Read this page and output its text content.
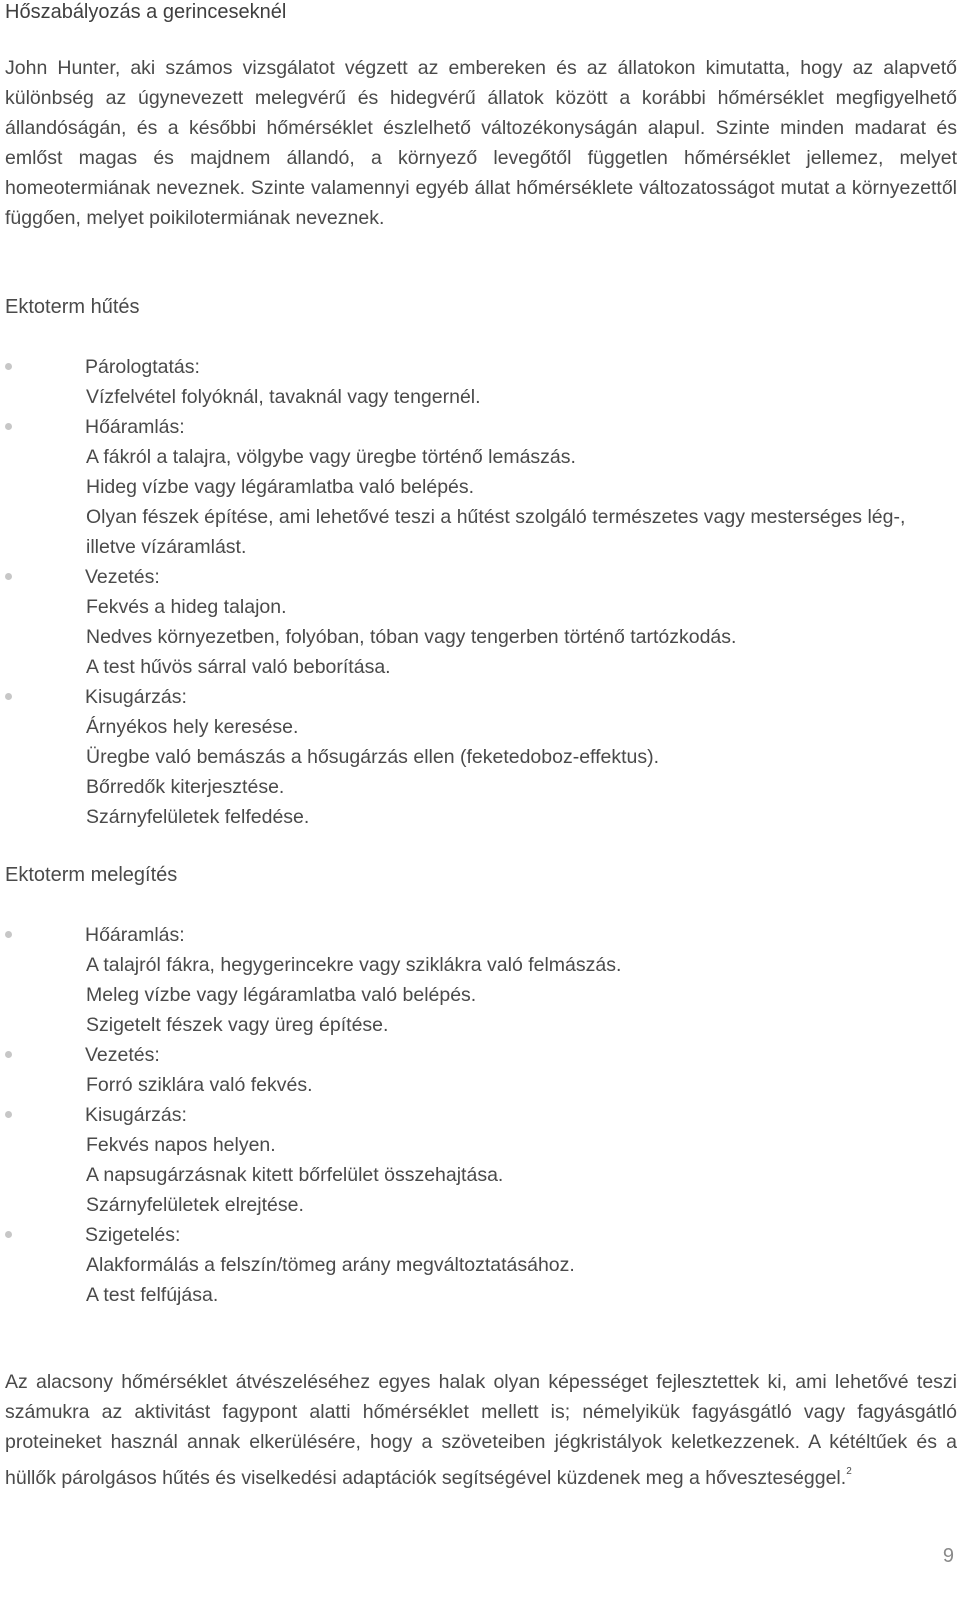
Hőszabályozás a gerinceseknél
John Hunter, aki számos vizsgálatot végzett az embereken és az állatokon kimutatta, hogy az alapvető különbség az úgynevezett melegvérű és hidegvérű állatok között a korábbi hőmérséklet megfigyelhető állandóságán, és a későbbi hőmérséklet észlelhető változékonyságán alapul. Szinte minden madarat és emlőst magas és majdnem állandó, a környező levegőtől független hőmérséklet jellemez, melyet homeotermiának neveznek. Szinte valamennyi egyéb állat hőmérséklete változatosságot mutat a környezettől függően, melyet poikilotermiának neveznek.
Ektoterm hűtés
Párologtatás:
Vízfelvétel folyóknál, tavaknál vagy tengernél.
Hőáramlás:
A fákról a talajra, völgybe vagy üregbe történő lemászás.
Hideg vízbe vagy légáramlatba való belépés.
Olyan fészek építése, ami lehetővé teszi a hűtést szolgáló természetes vagy mesterséges lég-, illetve vízáramlást.
Vezetés:
Fekvés a hideg talajon.
Nedves környezetben, folyóban, tóban vagy tengerben történő tartózkodás.
A test hűvös sárral való beborítása.
Kisugárzás:
Árnyékos hely keresése.
Üregbe való bemászás a hősugárzás ellen (feketedoboz-effektus).
Bőrredők kiterjesztése.
Szárnyfelületek felfedése.
Ektoterm melegítés
Hőáramlás:
A talajról fákra, hegygerincekre vagy sziklákra való felmászás.
Meleg vízbe vagy légáramlatba való belépés.
Szigetelt fészek vagy üreg építése.
Vezetés:
Forró sziklára való fekvés.
Kisugárzás:
Fekvés napos helyen.
A napsugárzásnak kitett bőrfelület összehajtása.
Szárnyfelületek elrejtése.
Szigetelés:
Alakformálás a felszín/tömeg arány megváltoztatásához.
A test felfújása.
Az alacsony hőmérséklet átvészeléséhez egyes halak olyan képességet fejlesztettek ki, ami lehetővé teszi számukra az aktivitást fagypont alatti hőmérséklet mellett is; némelyikük fagyásgátló vagy fagyásgátló proteineket használ annak elkerülésére, hogy a szöveteiben jégkristályok keletkezzenek. A kétéltűek és a hüllők párolgásos hűtés és viselkedési adaptációk segítségével küzdenek meg a hőveszteséggel.$^2$
9
